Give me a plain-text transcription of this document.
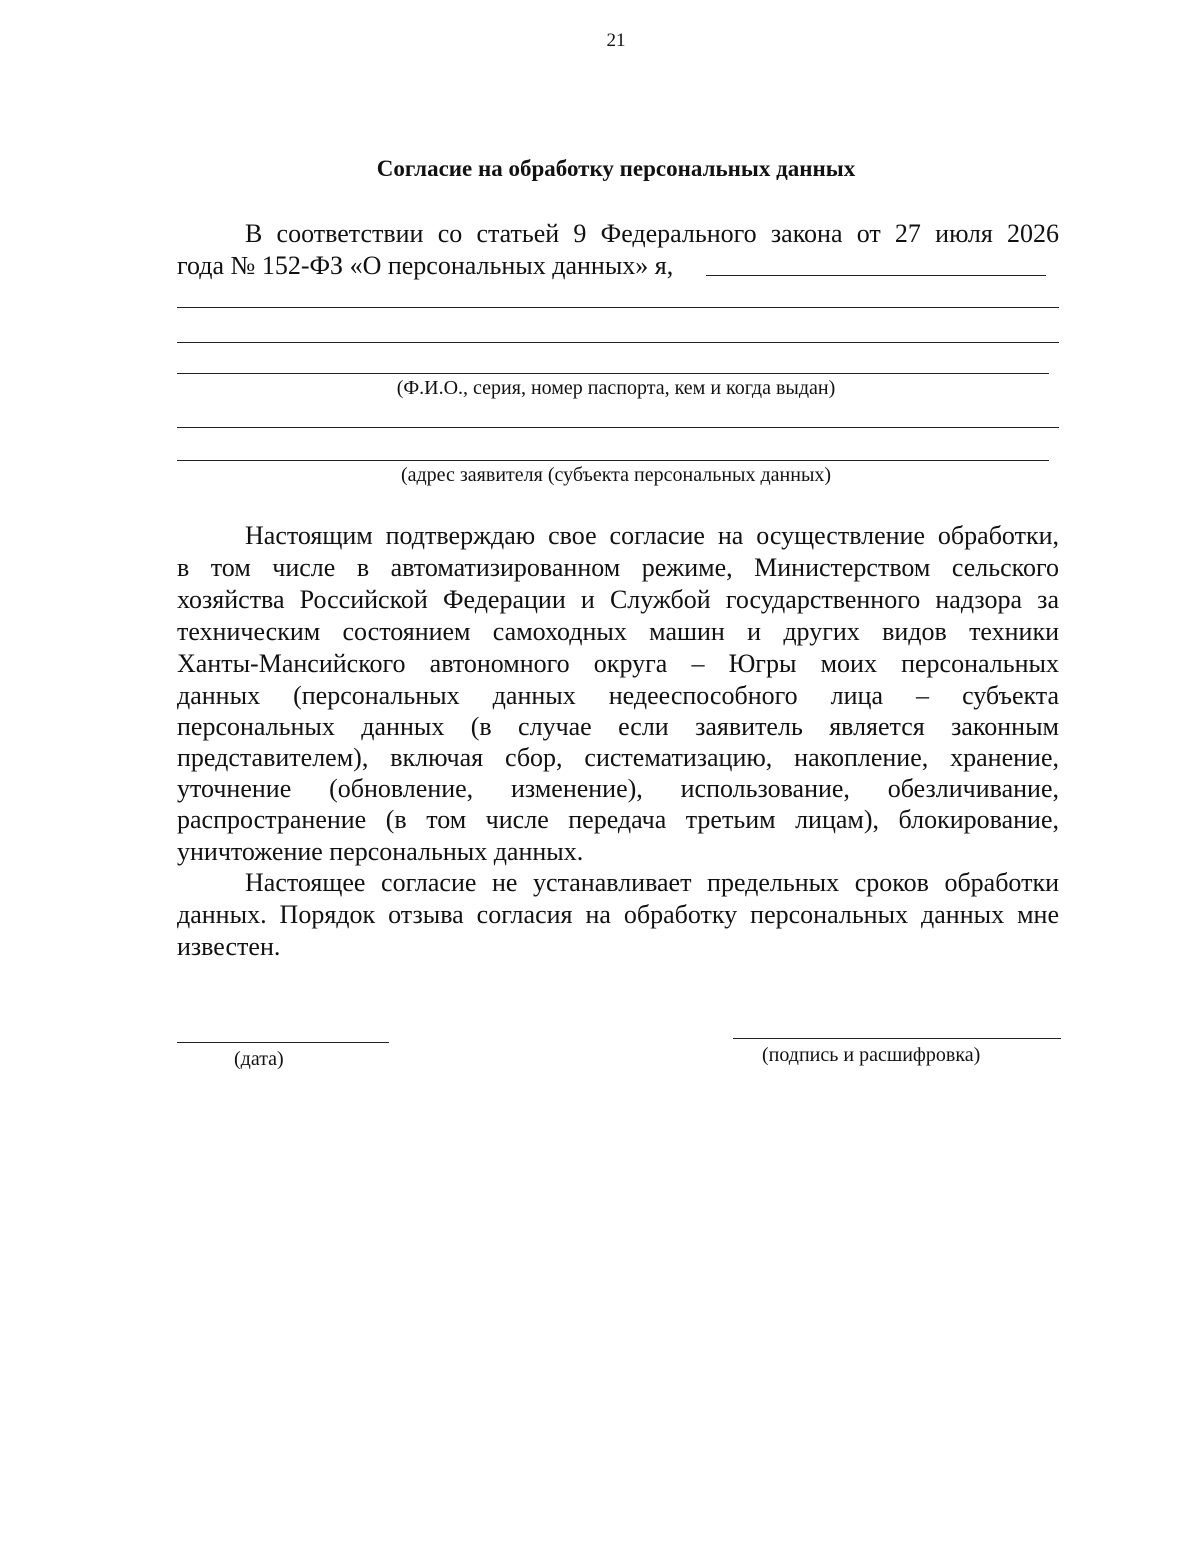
21
Согласие на обработку персональных данных
В соответствии со статьей 9 Федерального закона от 27 июля 2026
года № 152-ФЗ «О персональных данных» я,
(Ф.И.О., серия, номер паспорта, кем и когда выдан)
(адрес заявителя (субъекта персональных данных)
Настоящим подтверждаю свое согласие на осуществление обработки,
в том числе в автоматизированном режиме, Министерством сельского
хозяйства Российской Федерации и Службой государственного надзора за
техническим состоянием самоходных машин и других видов техники
Ханты-Мансийского автономного округа – Югры моих персональных
данных (персональных данных недееспособного лица – субъекта
персональных данных (в случае если заявитель является законным
представителем), включая сбор, систематизацию, накопление, хранение,
уточнение (обновление, изменение), использование, обезличивание,
распространение (в том числе передача третьим лицам), блокирование,
уничтожение персональных данных.
Настоящее согласие не устанавливает предельных сроков обработки
данных. Порядок отзыва согласия на обработку персональных данных мне
известен.
(дата)	(подпись и расшифровка)
